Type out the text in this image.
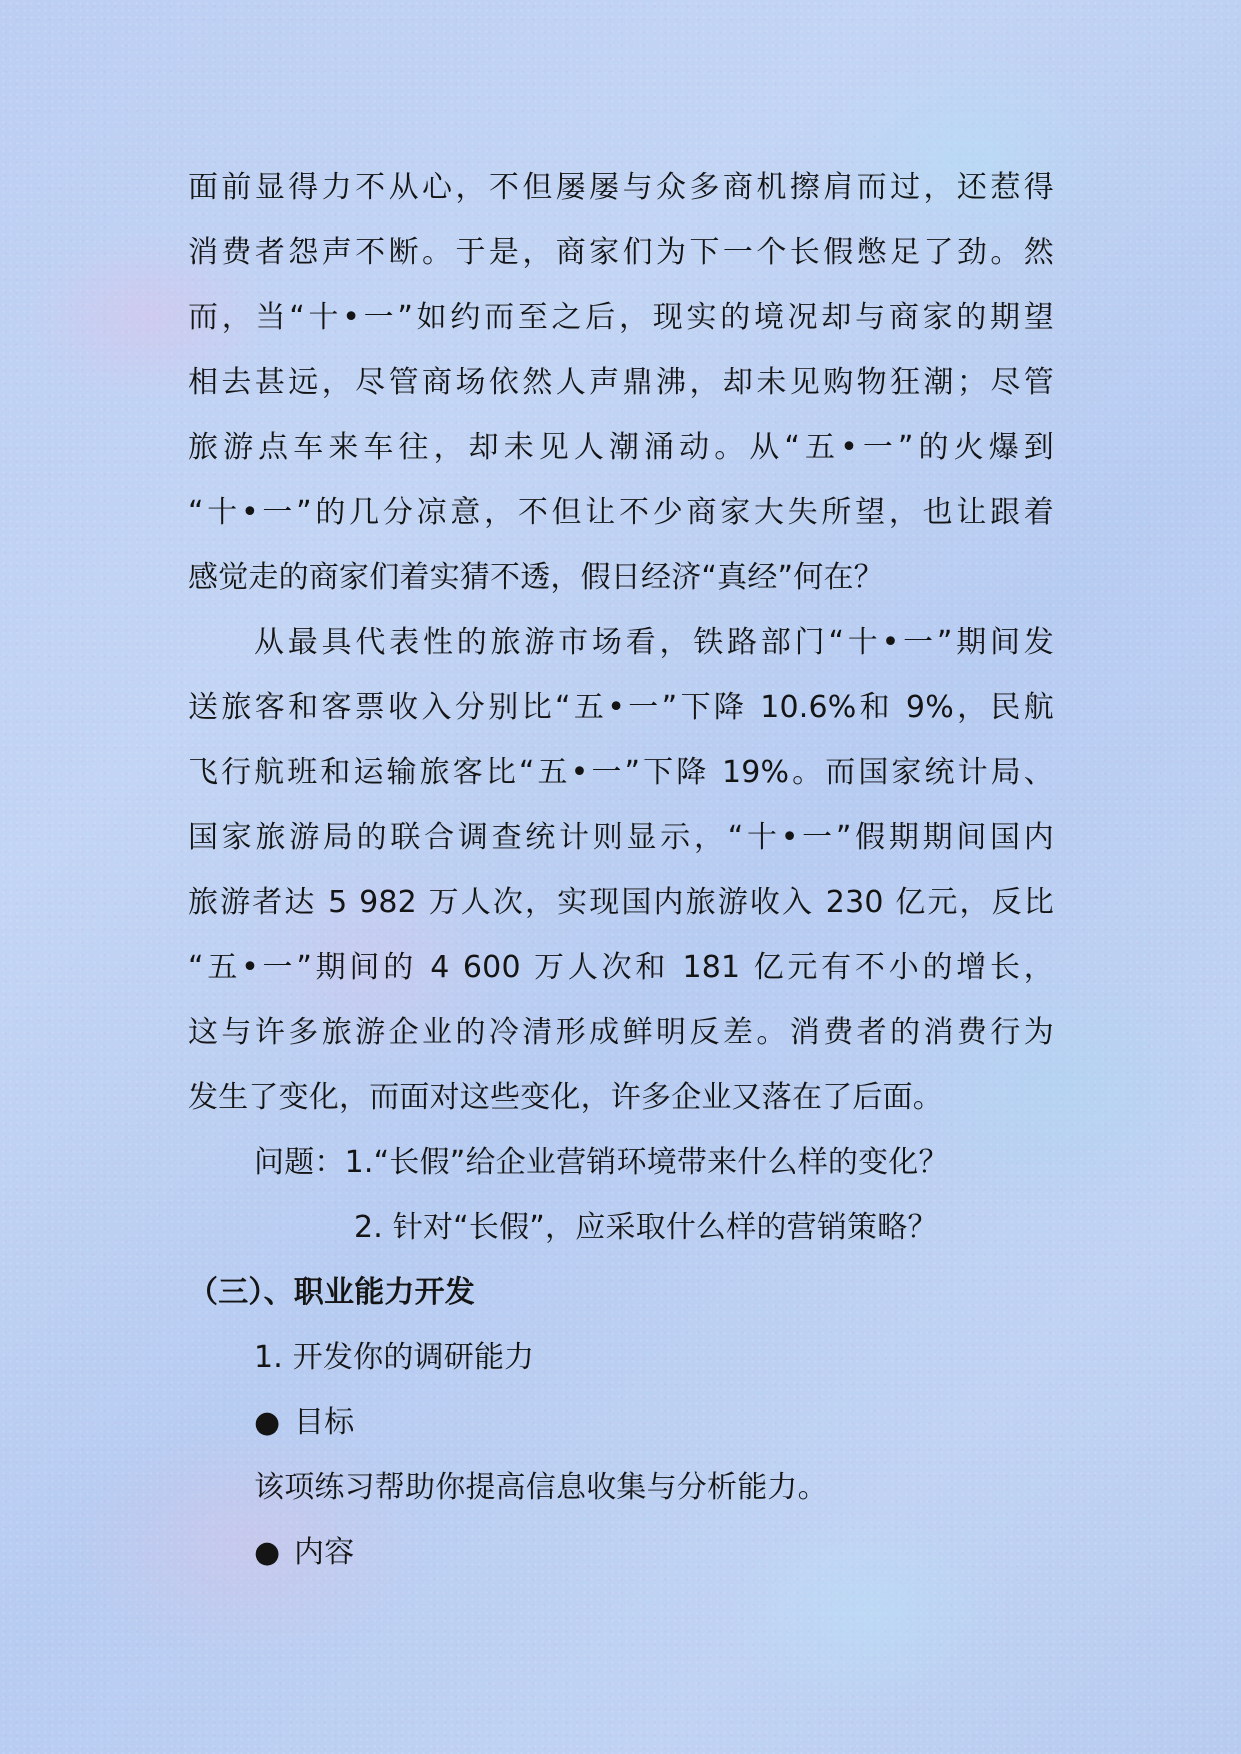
面前显得力不从心，不但屡屡与众多商机擦肩而过，还惹得
消费者怨声不断。于是，商家们为下一个长假憋足了劲。然
而，当“十•一”如约而至之后，现实的境况却与商家的期望
相去甚远，尽管商场依然人声鼎沸，却未见购物狂潮；尽管
旅游点车来车往，却未见人潮涌动。从“五•一”的火爆到
“十•一”的几分凉意，不但让不少商家大失所望，也让跟着
感觉走的商家们着实猜不透，假日经济“真经”何在？
从最具代表性的旅游市场看，铁路部门“十•一”期间发
送旅客和客票收入分别比“五•一”下降 10.6%和 9%，民航
飞行航班和运输旅客比“五•一”下降 19%。而国家统计局、
国家旅游局的联合调查统计则显示，“十•一”假期期间国内
旅游者达 5 982 万人次，实现国内旅游收入 230 亿元，反比
“五•一”期间的 4 600 万人次和 181 亿元有不小的增长，
这与许多旅游企业的冷清形成鲜明反差。消费者的消费行为
发生了变化，而面对这些变化，许多企业又落在了后面。
问题：1.“长假”给企业营销环境带来什么样的变化？
2. 针对“长假”，应采取什么样的营销策略？
（三）、职业能力开发
1. 开发你的调研能力
● 目标
该项练习帮助你提高信息收集与分析能力。
● 内容
